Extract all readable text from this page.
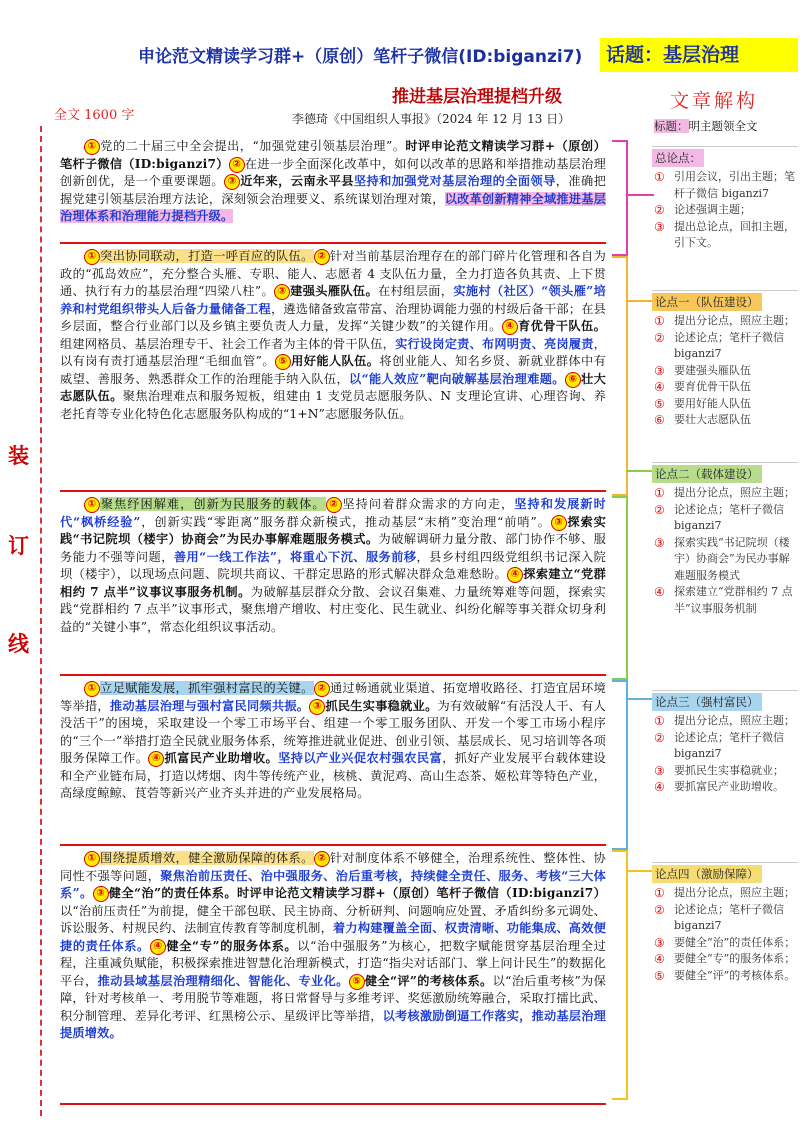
申论范文精读学习群+（原创）笔杆子微信(ID:biganzi7)	话题：基层治理
推进基层治理提档升级
全文 1600 字	李德琦《中国组织人事报》（2024 年 12 月 13 日）
装
订
线
① 党的二十届三中全会提出，“加强党建引领基层治理”。时评申论范文精读学习群+（原创）笔杆子微信（ID:biganzi7） ② 在进一步全面深化改革中，如何以改革的思路和举措推动基层治理创新创优，是一个重要课题。 ③ 近年来，云南永平县坚持和加强党对基层治理的全面领导，准确把握党建引领基层治理方法论，深刻领会治理要义、系统谋划治理对策，以改革创新精神全域推进基层治理体系和治理能力提档升级。
① 突出协同联动，打造一呼百应的队伍。 ② 针对当前基层治理存在的部门碎片化管理和各自为政的“孤岛效应”，充分整合头雁、专职、能人、志愿者 4 支队伍力量，全力打造各负其责、上下贯通、执行有力的基层治理“四梁八柱”。 ③ 建强头雁队伍。在村组层面，实施村（社区）“领头雁”培养和村党组织带头人后备力量储备工程，遴选储备致富带富、治理协调能力强的村级后备干部；在县乡层面，整合行业部门以及乡镇主要负责人力量，发挥“关键少数”的关键作用。 ④ 育优骨干队伍。组建网格员、基层治理专干、社会工作者为主体的骨干队伍，实行设岗定责、布网明责、亮岗履责，以有岗有责打通基层治理“毛细血管”。 ⑤ 用好能人队伍。将创业能人、知名乡贤、新就业群体中有威望、善服务、熟悉群众工作的治理能手纳入队伍，以“能人效应”靶向破解基层治理难题。 ⑥ 壮大志愿队伍。聚焦治理难点和服务短板，组建由 1 支党员志愿服务队、N 支理论宣讲、心理咨询、养老托育等专业化特色化志愿服务队构成的“1+N”志愿服务队伍。
① 聚焦纾困解难，创新为民服务的载体。 ② 坚持问着群众需求的方向走，坚持和发展新时代“枫桥经验”，创新实践“零距离”服务群众新模式，推动基层“末梢”变治理“前哨”。 ③ 探索实践“书记院坝（楼宇）协商会”为民办事解难题服务模式。为破解调研力量分散、部门协作不够、服务能力不强等问题，善用“一线工作法”，将重心下沉、服务前移，县乡村组四级党组织书记深入院坝（楼宇），以现场点问题、院坝共商议、干群定思路的形式解决群众急难愁盼。 ④ 探索建立“党群相约 7 点半”议事议事服务机制。为破解基层群众分散、会议召集难、力量统筹难等问题，探索实践“党群相约 7 点半”议事形式，聚焦增产增收、村庄变化、民生就业、纠纷化解等事关群众切身利益的“关键小事”，常态化组织议事活动。
① 立足赋能发展，抓牢强村富民的关键。 ② 通过畅通就业渠道、拓宽增收路径、打造宜居环境等举措，推动基层治理与强村富民同频共振。 ③ 抓民生实事稳就业。为有效破解“有活没人干、有人没活干”的困境，采取建设一个零工市场平台、组建一个零工服务团队、开发一个零工市场小程序的“三个一”举措打造全民就业服务体系，统筹推进就业促进、创业引领、基层成长、见习培训等各项服务保障工作。 ④ 抓富民产业助增收。坚持以产业兴促农村强农民富，抓好产业发展平台载体建设和全产业链布局，打造以烤烟、肉牛等传统产业，核桃、黄泥鸡、高山生态茶、姬松茸等特色产业，高绿度鲸鲸、茛菪等新兴产业齐头并进的产业发展格局。
① 围绕提质增效，健全激励保障的体系。 ② 针对制度体系不够健全，治理系统性、整体性、协同性不强等问题，聚焦治前压责任、治中强服务、治后重考核，持续健全责任、服务、考核“三大体系”。 ③ 健全“治”的责任体系。时评申论范文精读学习群+（原创）笔杆子微信（ID:biganzi7）以“治前压责任”为前提，健全干部包联、民主协商、分析研判、问题响应处置、矛盾纠纷多元调处、诉讼服务、村规民约、法制宣传教育等制度机制，着力构建覆盖全面、权责清晰、功能集成、高效便捷的责任体系。 ④ 健全“专”的服务体系。以“治中强服务”为核心，把数字赋能贯穿基层治理全过程，注重减负赋能，积极探索推进智慧化治理新模式，打造“指尖对话部门、掌上问计民生”的数据化平台，推动县域基层治理精细化、智能化、专业化。 ⑤ 健全“评”的考核体系。以“治后重考核”为保障，针对考核单一、考用脱节等难题，将日常督导与多维考评、奖惩激励统筹融合，采取打擂比武、积分制管理、差异化考评、红黑榜公示、星级评比等举措，以考核激励倒逼工作落实，推动基层治理提质增效。
文章解构
标题：明主题领全文
总论点：
① 引用会议，引出主题；笔杆子微信 biganzi7
② 论述强调主题；
③ 提出总论点，回扣主题，引下文。
论点一（队伍建设）
① 提出分论点，照应主题；
② 论述论点；笔杆子微信 biganzi7
③ 要建强头雁队伍
④ 要育优骨干队伍
⑤ 要用好能人队伍
⑥ 要壮大志愿队伍
论点二（载体建设）
① 提出分论点，照应主题；
② 论述论点；笔杆子微信 biganzi7
③ 探索实践“书记院坝（楼宇）协商会”为民办事解难题服务模式
④ 探索建立“党群相约 7 点半”议事服务机制
论点三（强村富民）
① 提出分论点，照应主题；
② 论述论点；笔杆子微信 biganzi7
③ 要抓民生实事稳就业；
④ 要抓富民产业助增收。
论点四（激励保障）
① 提出分论点，照应主题；
② 论述论点；笔杆子微信 biganzi7
③ 要健全“治”的责任体系；
④ 要健全“专”的服务体系；
⑤ 要健全“评”的考核体系。
